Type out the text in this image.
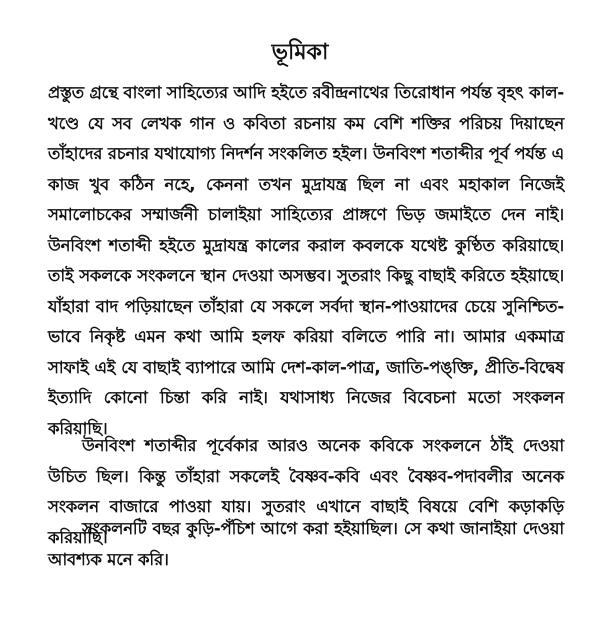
ভূমিকা
প্রস্তুত গ্রন্থে বাংলা সাহিত্যের আদি হইতে রবীন্দ্রনাথের তিরোধান পর্যন্ত বৃহৎ কাল-খণ্ডে যে সব লেখক গান ও কবিতা রচনায় কম বেশি শক্তির পরিচয় দিয়াছেন তাঁহাদের রচনার যথাযোগ্য নিদর্শন সংকলিত হইল। উনবিংশ শতাব্দীর পূর্ব পর্যন্ত এ কাজ খুব কঠিন নহে, কেননা তখন মুদ্রাযন্ত্র ছিল না এবং মহাকাল নিজেই সমালোচকের সম্মার্জনী চালাইয়া সাহিত্যের প্রাঙ্গণে ভিড় জমাইতে দেন নাই। উনবিংশ শতাব্দী হইতে মুদ্রাযন্ত্র কালের করাল কবলকে যথেষ্ট কুণ্ঠিত করিয়াছে। তাই সকলকে সংকলনে স্থান দেওয়া অসম্ভব। সুতরাং কিছু বাছাই করিতে হইয়াছে। যাঁহারা বাদ পড়িয়াছেন তাঁহারা যে সকলে সর্বদা স্থান-পাওয়াদের চেয়ে সুনিশ্চিত-ভাবে নিকৃষ্ট এমন কথা আমি হলফ করিয়া বলিতে পারি না। আমার একমাত্র সাফাই এই যে বাছাই ব্যাপারে আমি দেশ-কাল-পাত্র, জাতি-পঙ্‌ক্তি, প্রীতি-বিদ্বেষ ইত্যাদি কোনো চিন্তা করি নাই। যথাসাধ্য নিজের বিবেচনা মতো সংকলন করিয়াছি।
উনবিংশ শতাব্দীর পূর্বেকার আরও অনেক কবিকে সংকলনে ঠাঁই দেওয়া উচিত ছিল। কিন্তু তাঁহারা সকলেই বৈষ্ণব-কবি এবং বৈষ্ণব-পদাবলীর অনেক সংকলন বাজারে পাওয়া যায়। সুতরাং এখানে বাছাই বিষয়ে বেশি কড়াকড়ি করিয়াছি।
সংকলনটি বছর কুড়ি-পঁচিশ আগে করা হইয়াছিল। সে কথা জানাইয়া দেওয়া আবশ্যক মনে করি।
